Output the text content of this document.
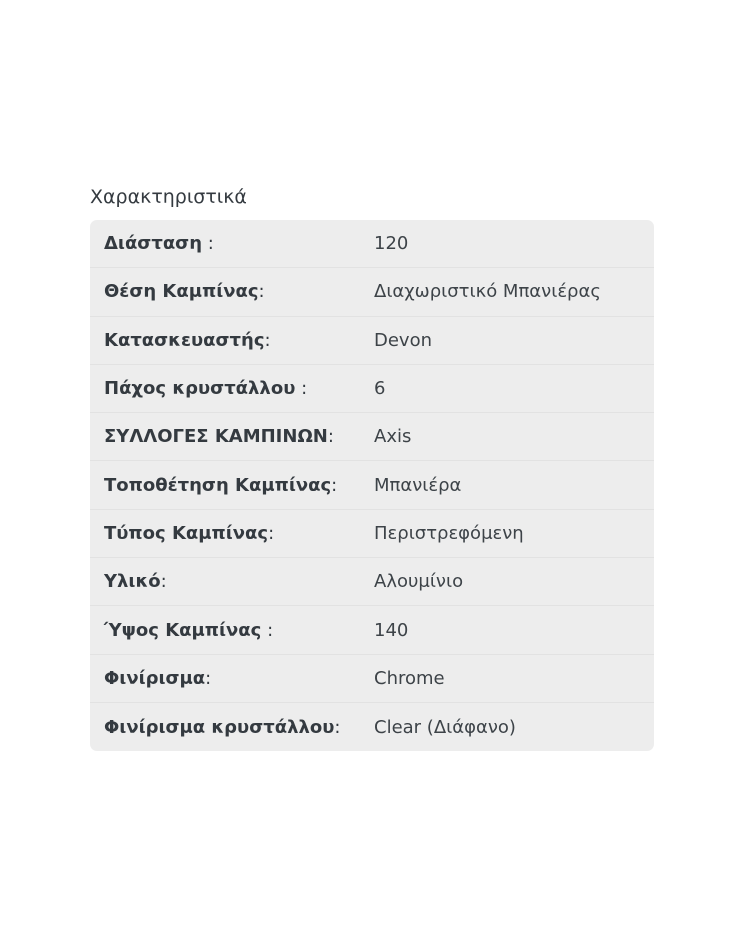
Χαρακτηριστικά
Διάσταση :	120
Θέση Καμπίνας:	Διαχωριστικό Μπανιέρας
Κατασκευαστής:	Devon
Πάχος κρυστάλλου :	6
ΣΥΛΛΟΓΕΣ ΚΑΜΠΙΝΩΝ:	Axis
Τοποθέτηση Καμπίνας:	Μπανιέρα
Τύπος Καμπίνας:	Περιστρεφόμενη
Υλικό:	Αλουμίνιο
Ύψος Καμπίνας :	140
Φινίρισμα:	Chrome
Φινίρισμα κρυστάλλου:	Clear (Διάφανο)
